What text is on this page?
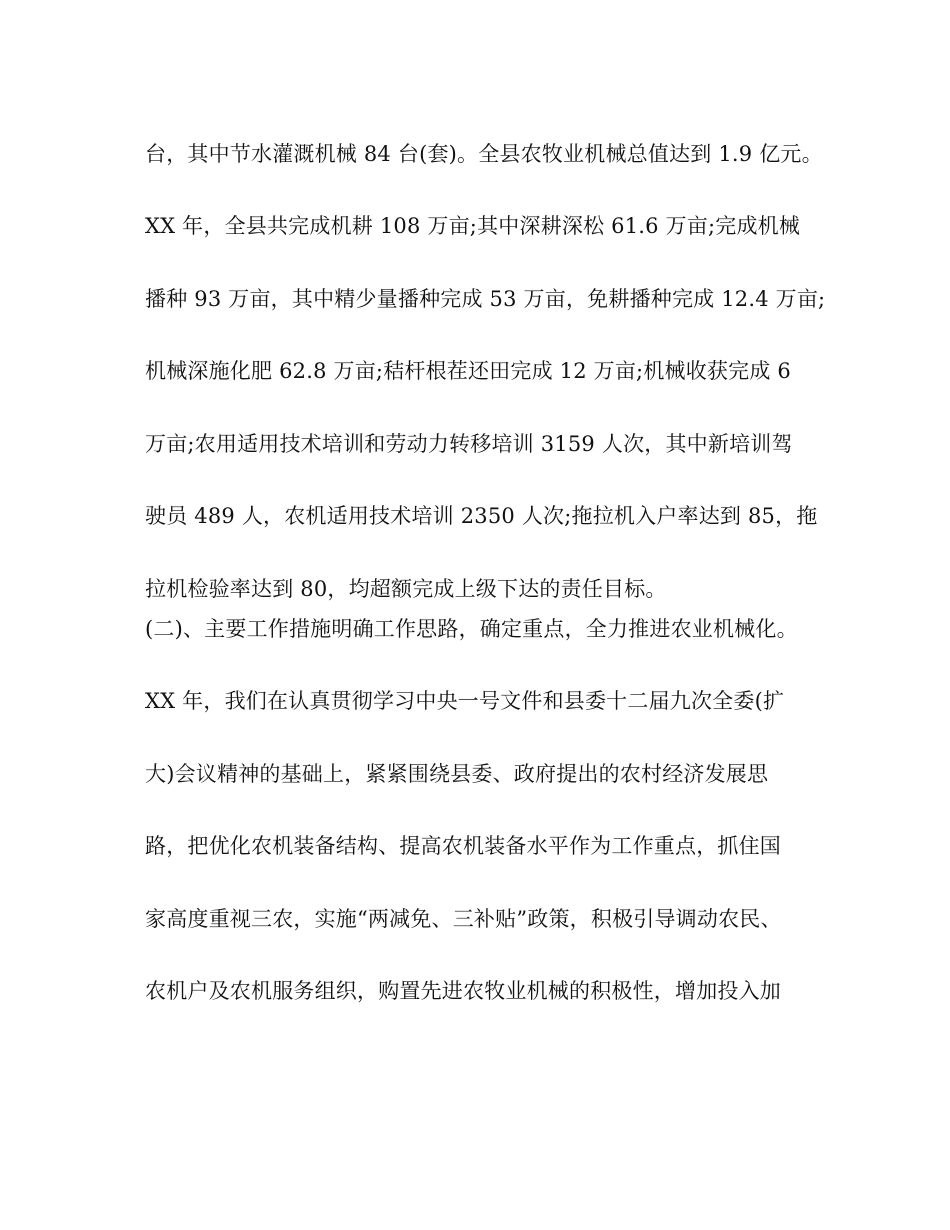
台，其中节水灌溉机械 84 台(套)。全县农牧业机械总值达到 1.9 亿元。
XX 年，全县共完成机耕 108 万亩;其中深耕深松 61.6 万亩;完成机械
播种 93 万亩，其中精少量播种完成 53 万亩，免耕播种完成 12.4 万亩;
机械深施化肥 62.8 万亩;秸杆根茬还田完成 12 万亩;机械收获完成 6
万亩;农用适用技术培训和劳动力转移培训 3159 人次，其中新培训驾
驶员 489 人，农机适用技术培训 2350 人次;拖拉机入户率达到 85，拖
拉机检验率达到 80，均超额完成上级下达的责任目标。
(二)、主要工作措施明确工作思路，确定重点，全力推进农业机械化。
XX 年，我们在认真贯彻学习中央一号文件和县委十二届九次全委(扩
大)会议精神的基础上，紧紧围绕县委、政府提出的农村经济发展思
路，把优化农机装备结构、提高农机装备水平作为工作重点，抓住国
家高度重视三农，实施“两减免、三补贴”政策，积极引导调动农民、
农机户及农机服务组织，购置先进农牧业机械的积极性，增加投入加
